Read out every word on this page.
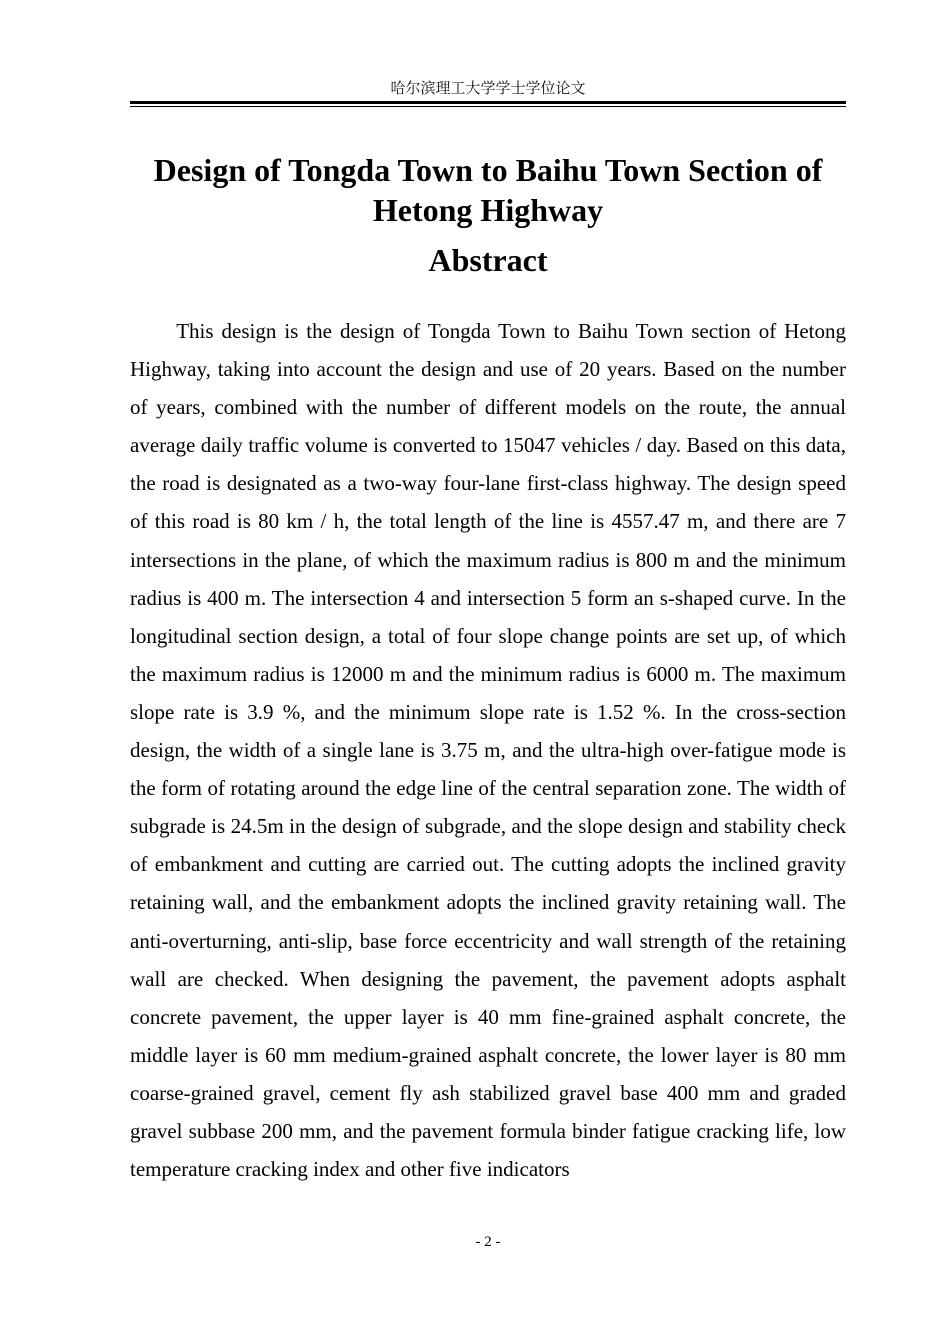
哈尔滨理工大学学士学位论文
Design of Tongda Town to Baihu Town Section of Hetong Highway
Abstract

This design is the design of Tongda Town to Baihu Town section of Hetong Highway, taking into account the design and use of 20 years. Based on the number of years, combined with the number of different models on the route, the annual average daily traffic volume is converted to 15047 vehicles / day. Based on this data, the road is designated as a two-way four-lane first-class highway. The design speed of this road is 80 km / h, the total length of the line is 4557.47 m, and there are 7 intersections in the plane, of which the maximum radius is 800 m and the minimum radius is 400 m. The intersection 4 and intersection 5 form an s-shaped curve. In the longitudinal section design, a total of four slope change points are set up, of which the maximum radius is 12000 m and the minimum radius is 6000 m. The maximum slope rate is 3.9 %, and the minimum slope rate is 1.52 %. In the cross-section design, the width of a single lane is 3.75 m, and the ultra-high over-fatigue mode is the form of rotating around the edge line of the central separation zone. The width of subgrade is 24.5m in the design of subgrade, and the slope design and stability check of embankment and cutting are carried out. The cutting adopts the inclined gravity retaining wall, and the embankment adopts the inclined gravity retaining wall. The anti-overturning, anti-slip, base force eccentricity and wall strength of the retaining wall are checked. When designing the pavement, the pavement adopts asphalt concrete pavement, the upper layer is 40 mm fine-grained asphalt concrete, the middle layer is 60 mm medium-grained asphalt concrete, the lower layer is 80 mm coarse-grained gravel, cement fly ash stabilized gravel base 400 mm and graded gravel subbase 200 mm, and the pavement formula binder fatigue cracking life, low temperature cracking index and other five indicators

- 2 -
